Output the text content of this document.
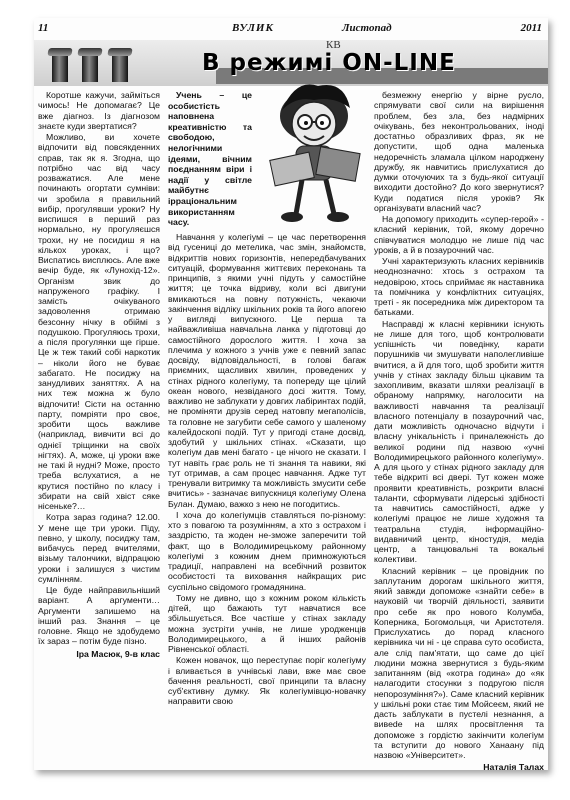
11	ВУЛИК	Листопад	2011
КВ
В режимі ON-LINE

Коротше кажучи, займіться чимось! Не допомагає? Це вже діагноз. Із діагнозом знаєте куди звертатися?

Можливо, ви хочете відпочити від повсякденних справ, так як я. Згодна, що потрібно час від часу розважатися. Але мене починають огортати сумніви: чи зробила я правильний вибір, прогулявши уроки? Ну виспишся в перший раз нормально, ну прогуляєшся трохи, ну не посидиш я на кількох уроках, і що? Виспатись висплюсь. Але вже вечір буде, як «Лунохід-12». Організм звик до напруженого графіку. І замість очікуваного задоволення отримаю безсонну нічку в обіймі з подушкою. Прогуляюсь трохи, а після прогулянки ще гірше. Це ж теж такий собі наркотик – ніколи його не буває забагато. Не посиджу на занудливих заняттях. А на них теж можна ж було відпочити! Сісти на останню парту, помріяти про своє, зробити щось важливе (наприклад, вивчити всі до однієї тріщинки на своїх нігтях). А, може, ці уроки вже не такі й нудні? Може, просто треба вслухатися, а не крутися постійно по класу і збирати на свій хвіст сяке нісеньке?…

Котра зараз година? 12.00. У мене ще три уроки. Піду, певно, у школу, посиджу там, вибачусь перед вчителями, візьму талончики, відпрацюю уроки і залишуся з чистим сумлінням.

Це буде найправильніший варіант. А аргументи… Аргументи запишемо на інший раз. Знання – це головне. Якщо не здобудемо їх зараз – потім буде пізно.

Іра Масюк, 9-в клас

Учень – це особистість наповнена креативністю та свободою, нелогічними ідеями, вічним поєднанням віри і надії у світле майбутнє ірраціональним використанням часу.

Навчання у колегіумі – це час перетворення від гусениці до метелика, час змін, знайомств, відкриттів нових горизонтів, непередбачуваних ситуацій, формування життєвих переконань та принципів, з якими учні підуть у самостійне життя; це точка відриву, коли всі двигуни вмикаються на повну потужність, чекаючи закінчення відліку шкільних років та його апогею у вигляді випускного. Це перша та найважливіша навчальна ланка у підготовці до самостійного дорослого життя. І хоча за плечима у кожного з учнів уже є певний запас досвіду, відповідальності, в голові багаж приємних, щасливих хвилин, проведених у стінах рідного колегіуму, та попереду ще цілий океан нового, незвіданого досі життя. Тому, важливо не заблукати у довгих лабіринтах подій, не проміняти друзів серед натовпу мегаполісів, та головне не загубити себе самого у шаленому калейдоскопі подій. Тут у пригоді стане досвід, здобутий у шкільних стінах. «Сказати, що колегіум дав мені багато - це нічого не сказати. І тут навіть грає роль не ті знання та навики, які тут отримав, а сам процес навчання. Адже тут тренували витримку та можливість змусити себе вчитись» - зазначає випускниця колегіуму Олена Булан. Думаю, важко з нею не погодитись.

І хоча до колегіумців ставляться по-різному: хто з повагою та розумінням, а хто з острахом і заздрістю, та жоден не-зможе заперечити той факт, що в Володимирецькому районному колегіумі з кожним днем примножуються традиції, направлені на всебічний розвиток особистості та виховання найкращих рис суспільно свідомого громадянина.

Тому не дивно, що з кожним роком кількість дітей, що бажають тут навчатися все збільшується. Все частіше у стінах закладу можна зустріти учнів, не лише уродженців Володимирецького, а й інших районів Рівненської області.

Кожен новачок, що переступає поріг колегіуму і вливається в учнівські лави, вже має свое бачення реальності, свої принципи та власну суб'єктивну думку. Як колегіумівцю-новачку направити свою

безмежну енергію у вірне русло, спрямувати свої сили на вирішення проблем, без зла, без надмірних очікувань, без неконтрольованих, іноді достатньо образливих фраз, як не допустити, щоб одна маленька недоречність зламала цілком народжену дружбу, як навчитись прислухатися до думки оточуючих та з будь-якої ситуації виходити достойно? До кого звернутися? Куди податися після уроків? Як організувати власний час?

На допомогу приходить «супер-герой» - класний керівник, той, якому доречно співчуватися молодцю не лише під час уроків, а й в позаурочний час.

Учні характеризують класних керівників неоднозначно: хтось з острахом та недовірою, хтось сприймає як наставника та помічника у конфліктних ситуаціях, треті - як посередника між директором та батьками.

Насправді ж класні керівники існують не лише для того, щоб контролювати успішність чи поведінку, карати порушників чи змушувати наполегливіше вчитися, а й для того, щоб зробити життя учнів у стінах закладу більш цікавим та захопливим, вказати шляхи реалізації в обраному напрямку, наголосити на важливості навчання та реалізації власного потенціалу в позаурочний час, дати можливість одночасно відчути і власну унікальність і приналежність до великої родини під назвою «учні Володимирецького районного колегіуму». А для цього у стінах рідного закладу для тебе відкриті всі двері. Тут кожен може проявити креативність, розкрити власні таланти, сформувати лідерські здібності та навчитись самостійності, адже у колегіумі працює не лише художня та театральна студія, інформаційно-видавничий центр, кіностудія, медіа центр, а танцювальні та вокальні колективи.

Класний керівник – це провідник по заплутаним дорогам шкільного життя, який завжди допоможе «знайти себе» в науковій чи творчій діяльності, заявити про себе як про нового Колумба, Коперника, Богомольця, чи Аристотеля. Прислухатись до порад класного керівника чи ні - це справа суто особиста, але слід пам'ятати, що саме до цієї людини можна звернутися з будь-яким запитанням (від «котра година» до «як налагодити стосунки з подругою після непорозуміння?»). Саме класний керівник у шкільні роки стає тим Мойсеєм, який не дасть заблукати в пустелі незнання, а вивede на шлях просвітлення та допоможе з гордістю закінчити колегіум та вступити до нового Ханаану під назвою «Університет».

Наталія Талах
